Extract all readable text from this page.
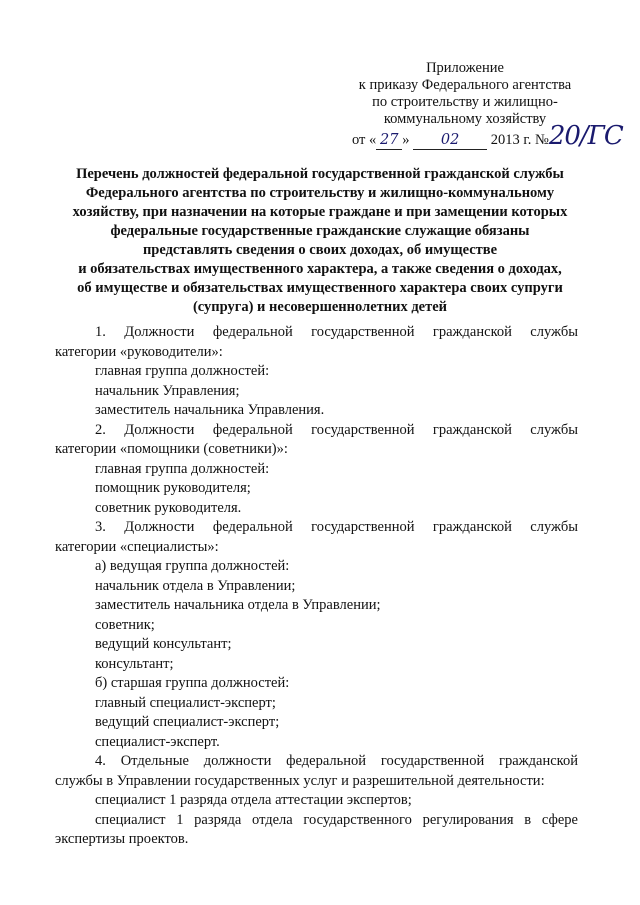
Приложение
к приказу Федерального агентства
по строительству и жилищно-
коммунальному хозяйству
от « 27 » 02 2013 г. №20/ГС
Перечень должностей федеральной государственной гражданской службы
Федерального агентства по строительству и жилищно-коммунальному
хозяйству, при назначении на которые граждане и при замещении которых
федеральные государственные гражданские служащие обязаны
представлять сведения о своих доходах, об имуществе
и обязательствах имущественного характера, а также сведения о доходах,
об имуществе и обязательствах имущественного характера своих супруги
(супруга) и несовершеннолетних детей
1. Должности федеральной государственной гражданской службы
категории «руководители»:
главная группа должностей:
начальник Управления;
заместитель начальника Управления.
2. Должности федеральной государственной гражданской службы
категории «помощники (советники)»:
главная группа должностей:
помощник руководителя;
советник руководителя.
3. Должности федеральной государственной гражданской службы
категории «специалисты»:
а) ведущая группа должностей:
начальник отдела в Управлении;
заместитель начальника отдела в Управлении;
советник;
ведущий консультант;
консультант;
б) старшая группа должностей:
главный специалист-эксперт;
ведущий специалист-эксперт;
специалист-эксперт.
4. Отдельные должности федеральной государственной гражданской
службы в Управлении государственных услуг и разрешительной деятельности:
специалист 1 разряда отдела аттестации экспертов;
специалист 1 разряда отдела государственного регулирования в сфере
экспертизы проектов.
